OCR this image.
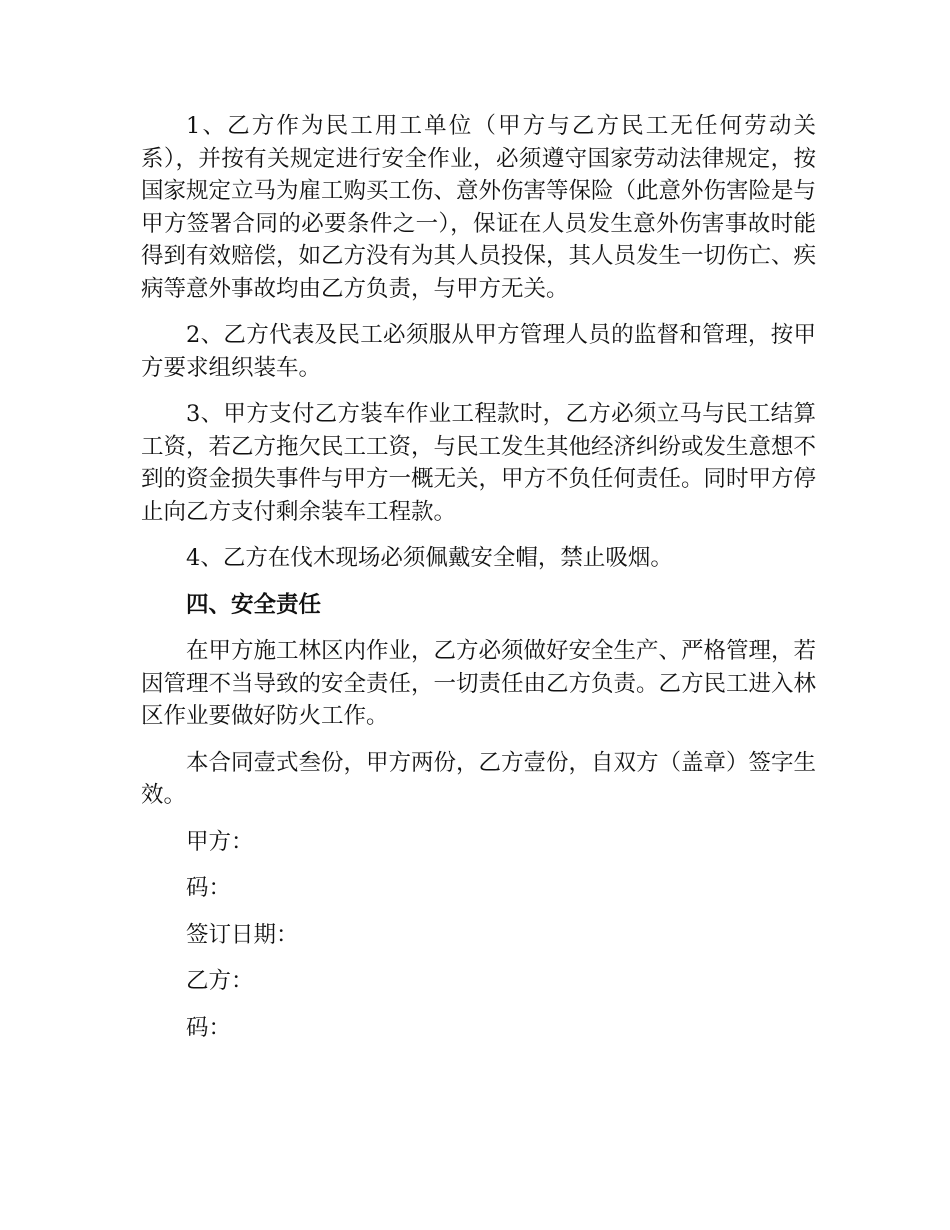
1、乙方作为民工用工单位（甲方与乙方民工无任何劳动关系），并按有关规定进行安全作业，必须遵守国家劳动法律规定，按国家规定立马为雇工购买工伤、意外伤害等保险（此意外伤害险是与甲方签署合同的必要条件之一），保证在人员发生意外伤害事故时能得到有效赔偿，如乙方没有为其人员投保，其人员发生一切伤亡、疾病等意外事故均由乙方负责，与甲方无关。

2、乙方代表及民工必须服从甲方管理人员的监督和管理，按甲方要求组织装车。

3、甲方支付乙方装车作业工程款时，乙方必须立马与民工结算工资，若乙方拖欠民工工资，与民工发生其他经济纠纷或发生意想不到的资金损失事件与甲方一概无关，甲方不负任何责任。同时甲方停止向乙方支付剩余装车工程款。

4、乙方在伐木现场必须佩戴安全帽，禁止吸烟。

四、安全责任

在甲方施工林区内作业，乙方必须做好安全生产、严格管理，若因管理不当导致的安全责任，一切责任由乙方负责。乙方民工进入林区作业要做好防火工作。

本合同壹式叁份，甲方两份，乙方壹份，自双方（盖章）签字生效。

甲方：

码：

签订日期：

乙方：

码：
